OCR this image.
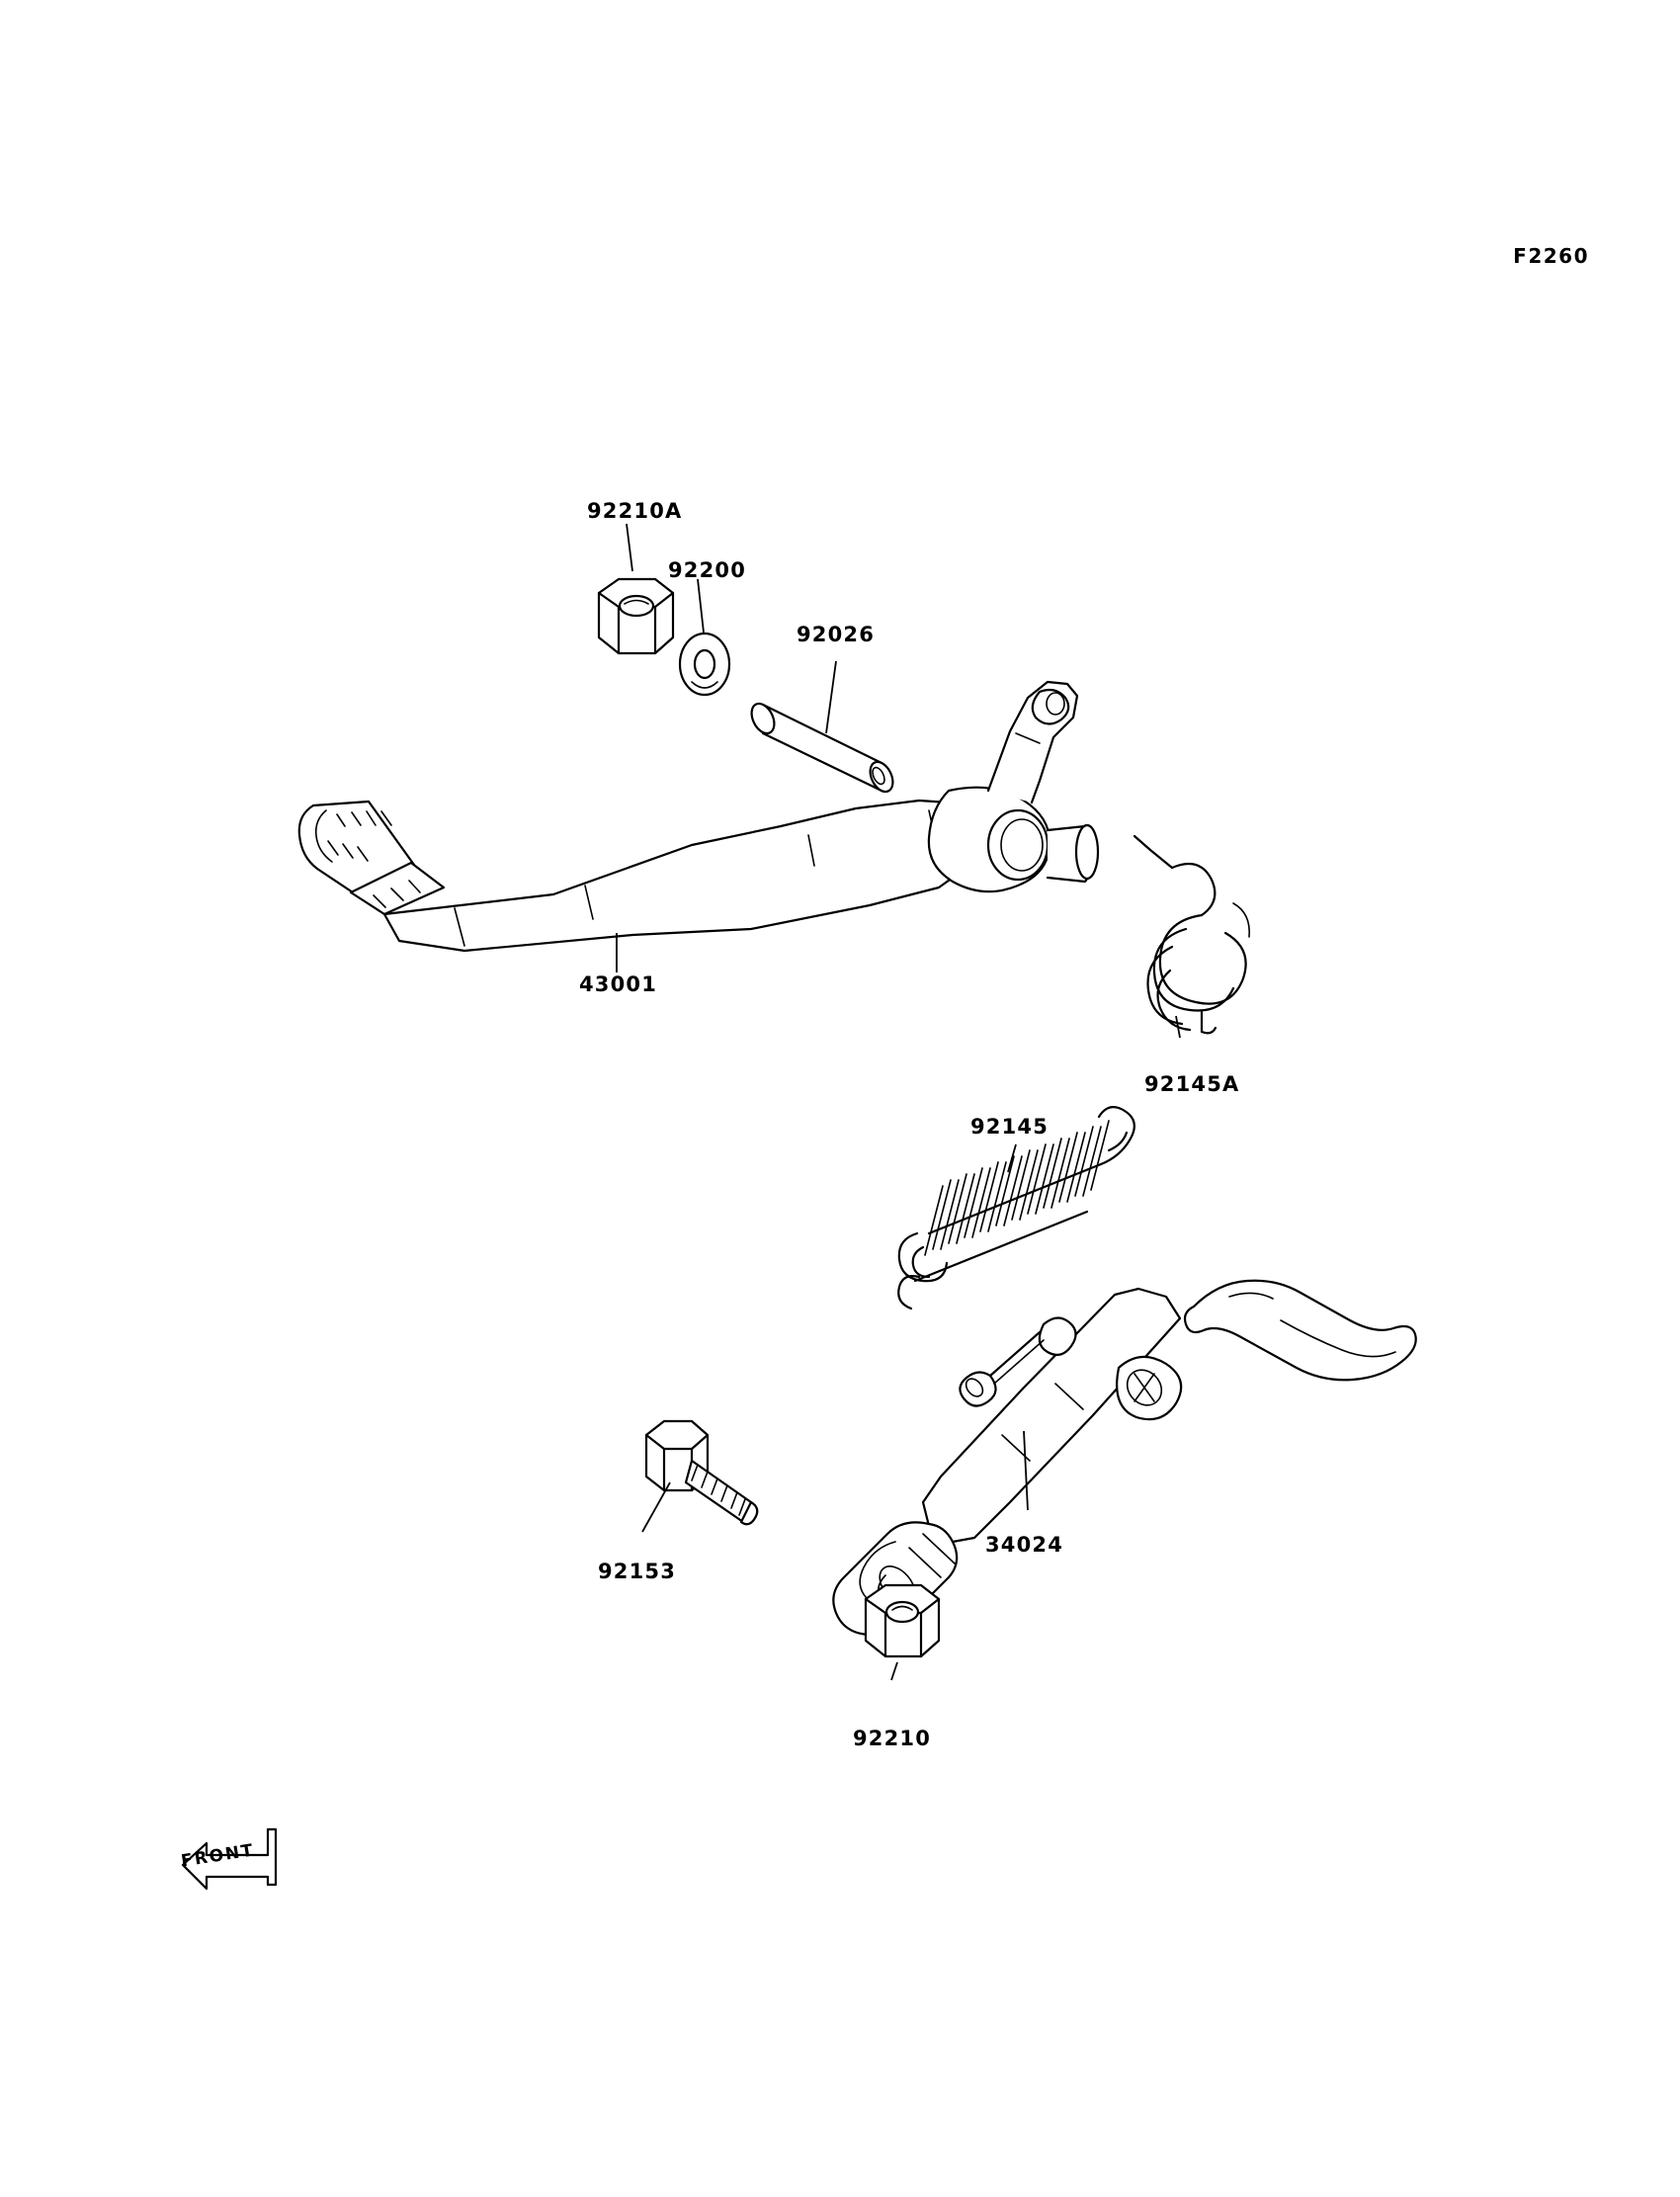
92210A
92200
92026
43001
92145A
92145
92153
34024
92210
F2260
FRONT
